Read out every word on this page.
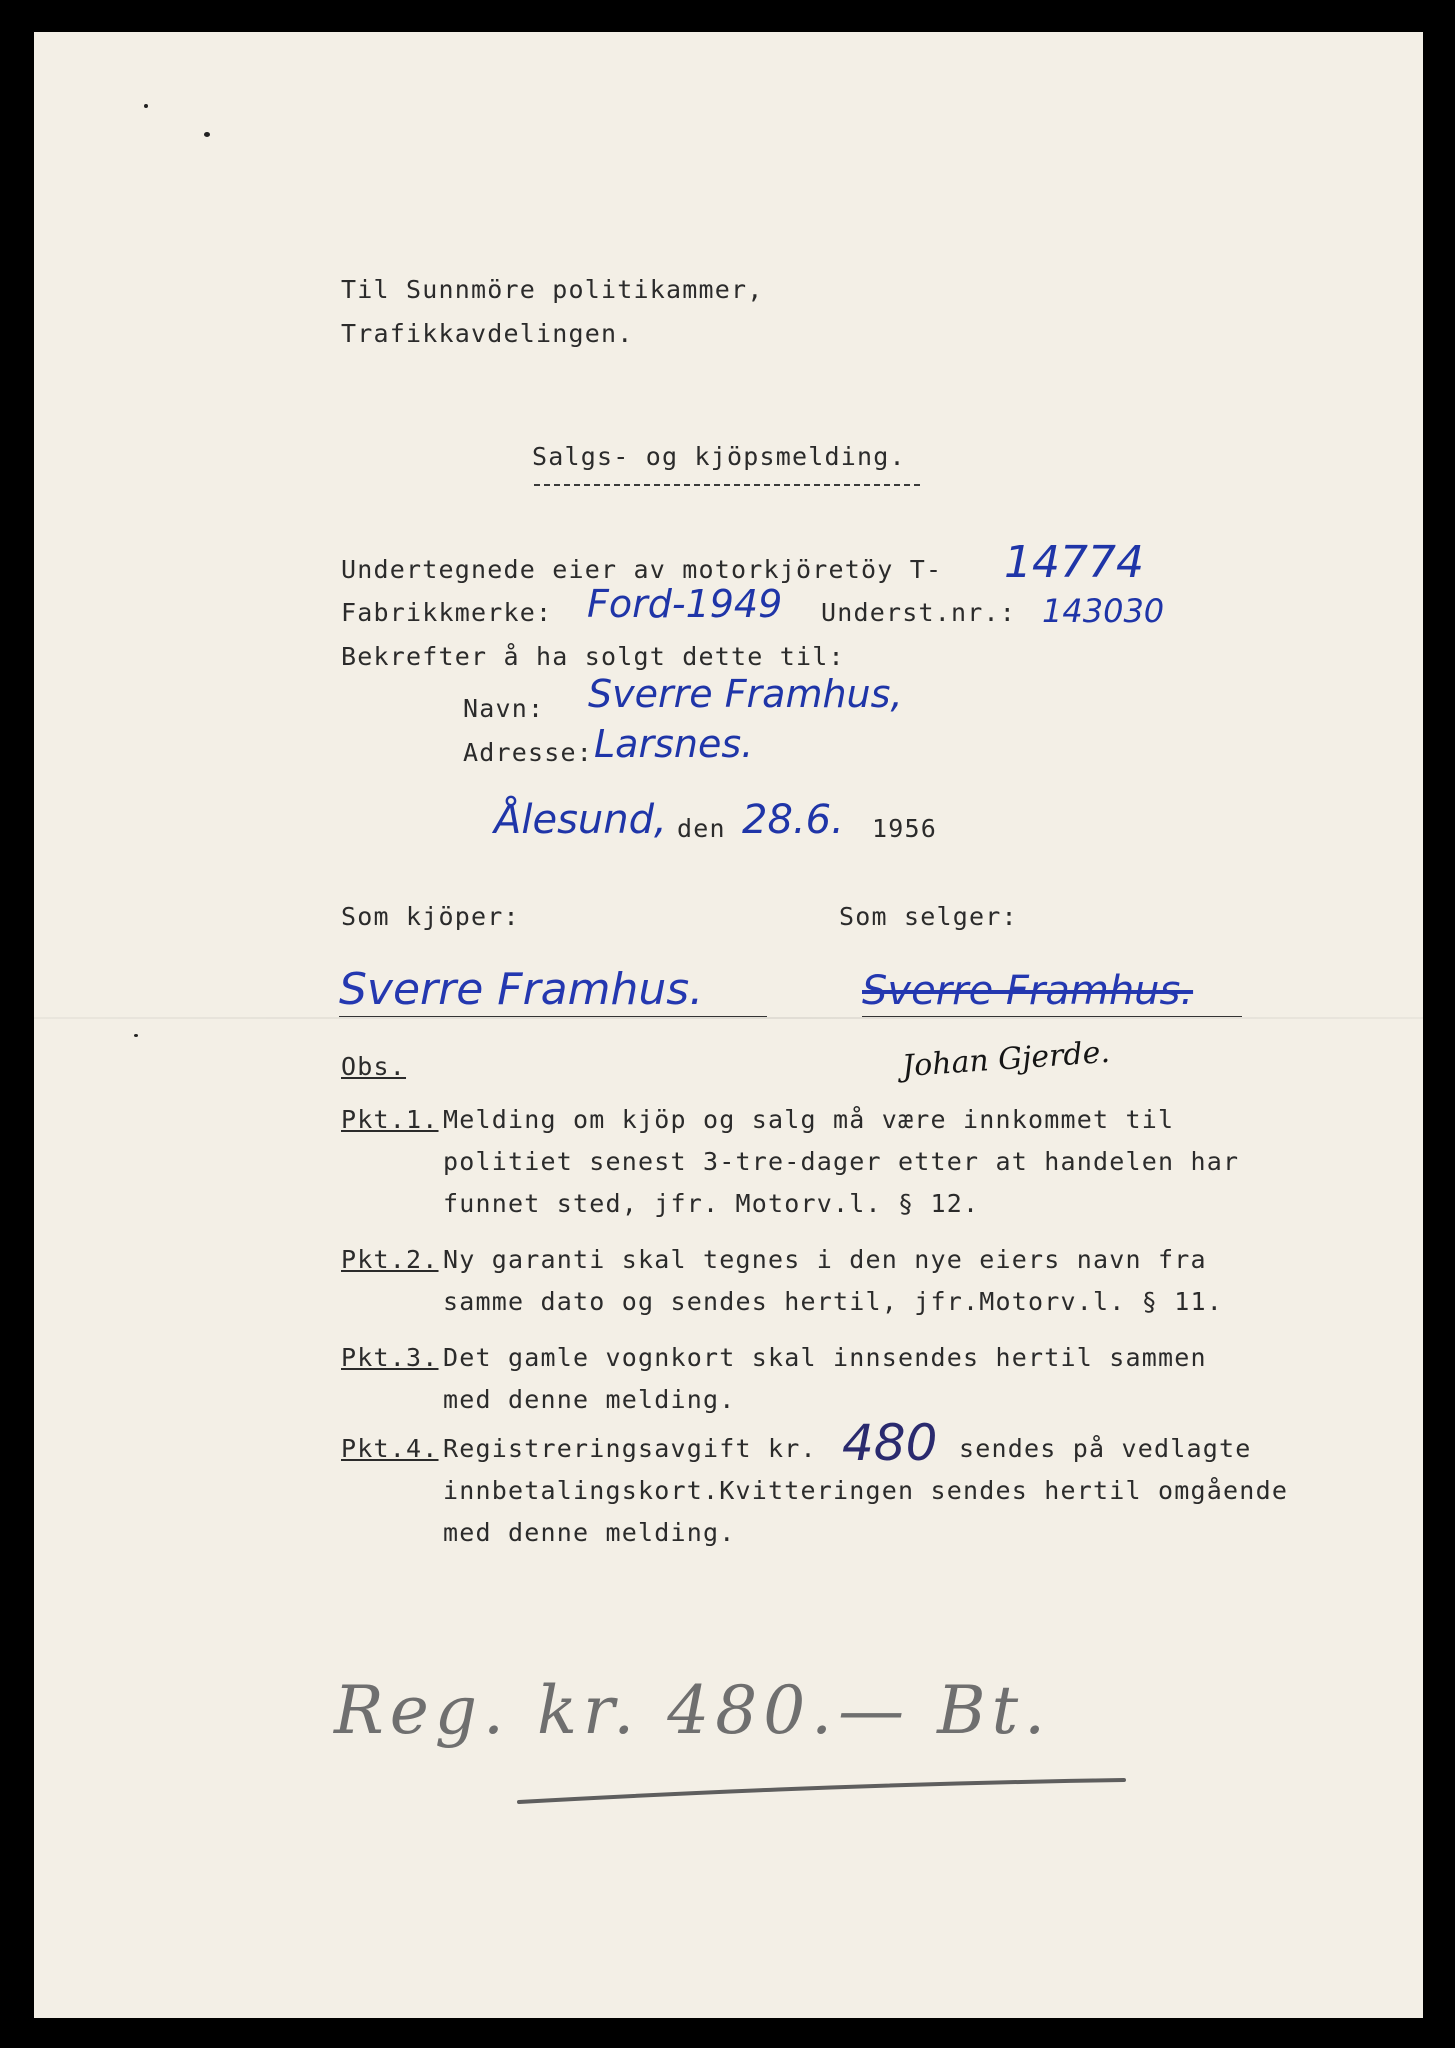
Til Sunnmöre politikammer,
Trafikkavdelingen.
Salgs- og kjöpsmelding.
Undertegnede eier av motorkjöretöy T- 14774
Fabrikkmerke: Ford-1949 Underst.nr.: 143030
Bekrefter å ha solgt dette til:
Navn: Sverre Framhus,
Adresse: Larsnes.
Ålesund, den 28.6. 1956
Som kjöper:	Som selger:
Sverre Framhus.	Sverre Framhus.
Johan Gjerde.
Obs.
Pkt.1. Melding om kjöp og salg må være innkommet til
politiet senest 3-tre-dager etter at handelen har
funnet sted, jfr. Motorv.l. § 12.
Pkt.2. Ny garanti skal tegnes i den nye eiers navn fra
samme dato og sendes hertil, jfr.Motorv.l. § 11.
Pkt.3. Det gamle vognkort skal innsendes hertil sammen
med denne melding.
Pkt.4. Registreringsavgift kr. 480 sendes på vedlagte
innbetalingskort.Kvitteringen sendes hertil omgående
med denne melding.
Reg. kr. 480.— Bt.
